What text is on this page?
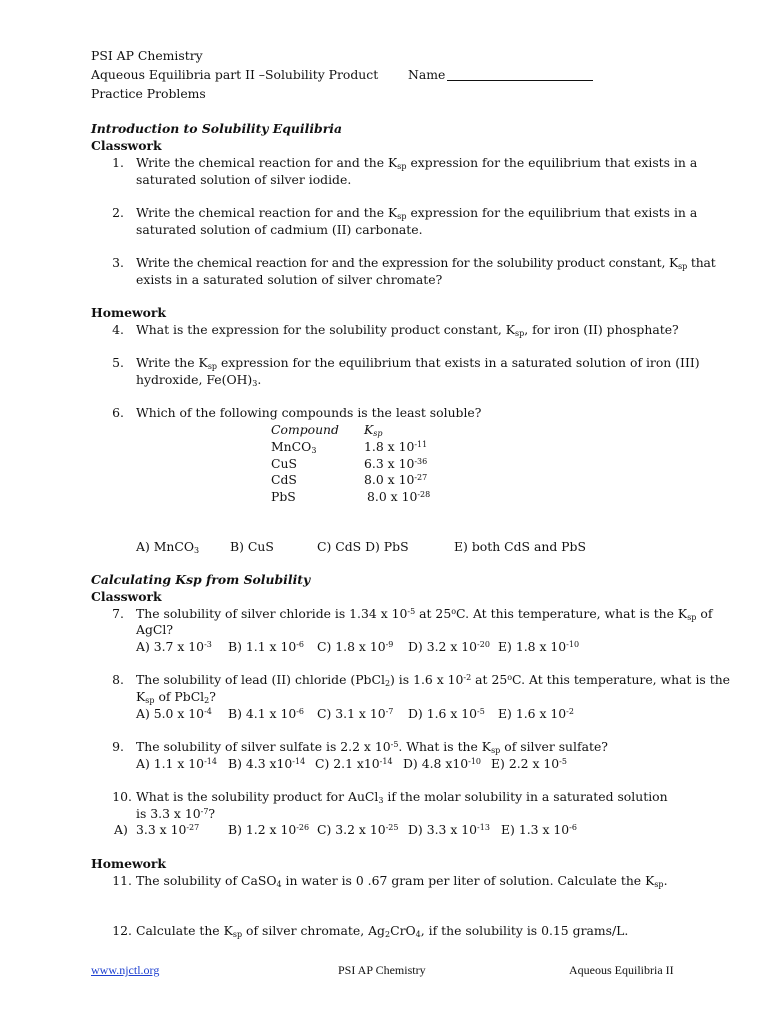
PSI AP Chemistry
Aqueous Equilibria part II –Solubility Product Name
Practice Problems
Introduction to Solubility Equilibria
Classwork
1. Write the chemical reaction for and the $K_{sp}$ expression for the equilibrium that exists in a
saturated solution of silver iodide.
2. Write the chemical reaction for and the $K_{sp}$ expression for the equilibrium that exists in a
saturated solution of cadmium (II) carbonate.
3. Write the chemical reaction for and the expression for the solubility product constant, $K_{sp}$ that
exists in a saturated solution of silver chromate?
Homework
4. What is the expression for the solubility product constant, $K_{sp}$, for iron (II) phosphate?
5. Write the $K_{sp}$ expression for the equilibrium that exists in a saturated solution of iron (III)
hydroxide, $Fe(OH)_3$.
6. Which of the following compounds is the least soluble?
Compound $K_{sp}$
MnCO$_3$	1.8 x $10^{-11}$
CuS	6.3 x $10^{-36}$
CdS	8.0 x $10^{-27}$
PbS	8.0 x $10^{-28}$
A) MnCO$_3$ B) CuS	C) CdS D) PbS	E) both CdS and PbS
Calculating Ksp from Solubility
Classwork
7. The solubility of silver chloride is 1.34 x $10^{-5}$ at 25$^o$C. At this temperature, what is the $K_{sp}$ of
AgCl?
A) 3.7 x $10^{-3}$ B) 1.1 x $10^{-6}$ C) 1.8 x $10^{-9}$ D) 3.2 x $10^{-20}$ E) 1.8 x $10^{-10}$
8. The solubility of lead (II) chloride (PbCl$_2$) is 1.6 x $10^{-2}$ at 25$^o$C. At this temperature, what is the
$K_{sp}$ of PbCl$_2$?
A) 5.0 x $10^{-4}$ B) 4.1 x $10^{-6}$ C) 3.1 x $10^{-7}$ D) 1.6 x $10^{-5}$ E) 1.6 x $10^{-2}$
9. The solubility of silver sulfate is 2.2 x $10^{-5}$. What is the $K_{sp}$ of silver sulfate?
A) 1.1 x $10^{-14}$ B) 4.3 $x10^{-14}$ C) 2.1 $x10^{-14}$ D) 4.8 $x10^{-10}$ E) 2.2 x $10^{-5}$
10. What is the solubility product for AuCl$_3$ if the molar solubility in a saturated solution
is 3.3 x $10^{-7}$?
A) 3.3 x $10^{-27}$ B) 1.2 x $10^{-26}$ C) 3.2 x $10^{-25}$ D) 3.3 x $10^{-13}$ E) 1.3 x $10^{-6}$
Homework
11. The solubility of CaSO$_4$ in water is 0 .67 gram per liter of solution. Calculate the $K_{sp}$.
12. Calculate the $K_{sp}$ of silver chromate, $Ag_2CrO_4$, if the solubility is 0.15 grams/L.
www.njctl.org	PSI AP Chemistry	Aqueous Equilibria II
